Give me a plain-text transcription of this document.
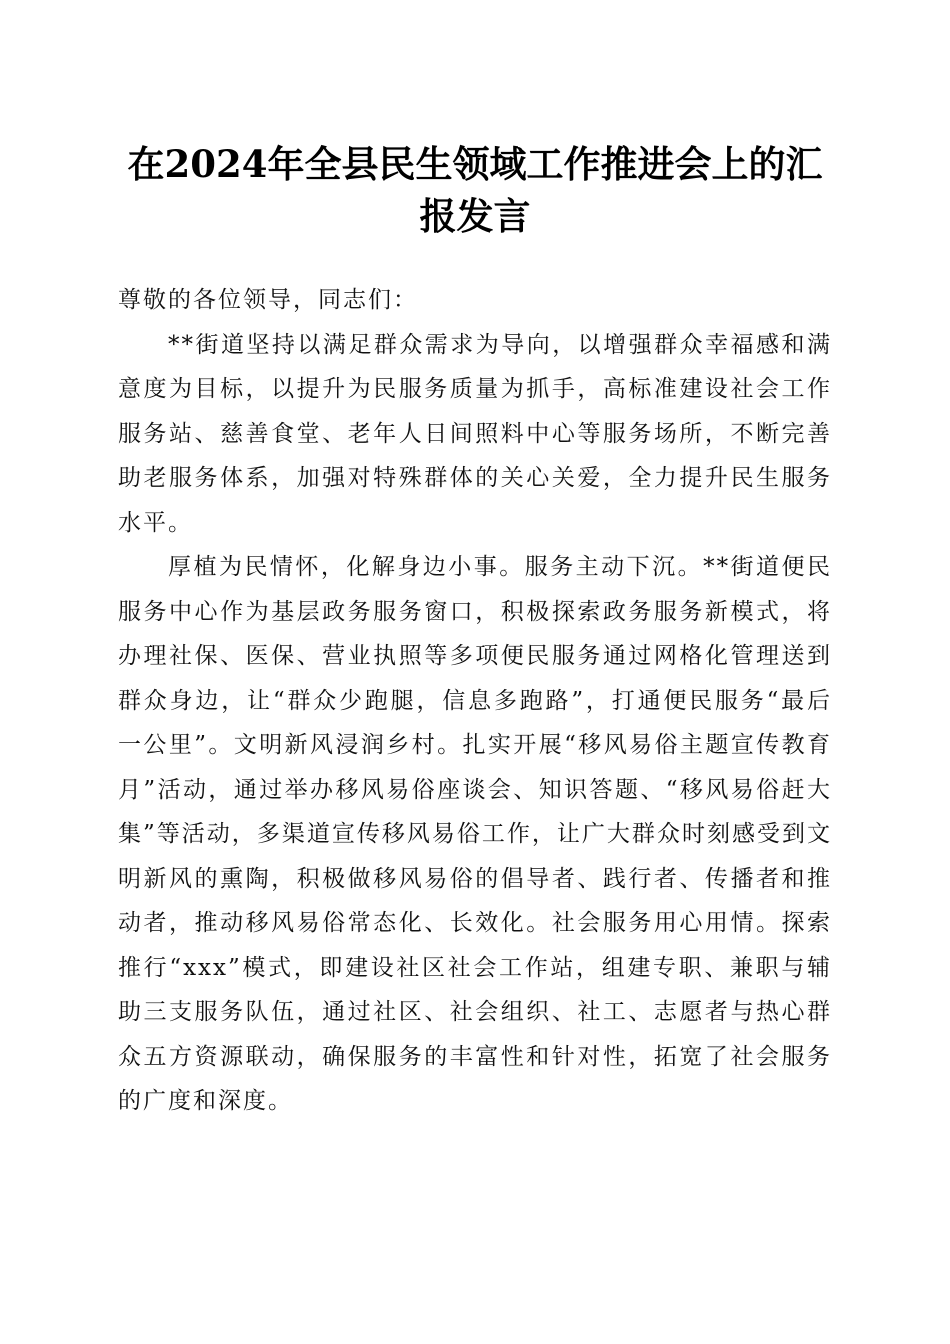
在2024年全县民生领域工作推进会上的汇报发言

尊敬的各位领导，同志们：

**街道坚持以满足群众需求为导向，以增强群众幸福感和满意度为目标，以提升为民服务质量为抓手，高标准建设社会工作服务站、慈善食堂、老年人日间照料中心等服务场所，不断完善助老服务体系，加强对特殊群体的关心关爱，全力提升民生服务水平。

厚植为民情怀，化解身边小事。服务主动下沉。**街道便民服务中心作为基层政务服务窗口，积极探索政务服务新模式，将办理社保、医保、营业执照等多项便民服务通过网格化管理送到群众身边，让“群众少跑腿，信息多跑路”，打通便民服务“最后一公里”。文明新风浸润乡村。扎实开展“移风易俗主题宣传教育月”活动，通过举办移风易俗座谈会、知识答题、“移风易俗赶大集”等活动，多渠道宣传移风易俗工作，让广大群众时刻感受到文明新风的熏陶，积极做移风易俗的倡导者、践行者、传播者和推动者，推动移风易俗常态化、长效化。社会服务用心用情。探索推行“xxx”模式，即建设社区社会工作站，组建专职、兼职与辅助三支服务队伍，通过社区、社会组织、社工、志愿者与热心群众五方资源联动，确保服务的丰富性和针对性，拓宽了社会服务的广度和深度。
